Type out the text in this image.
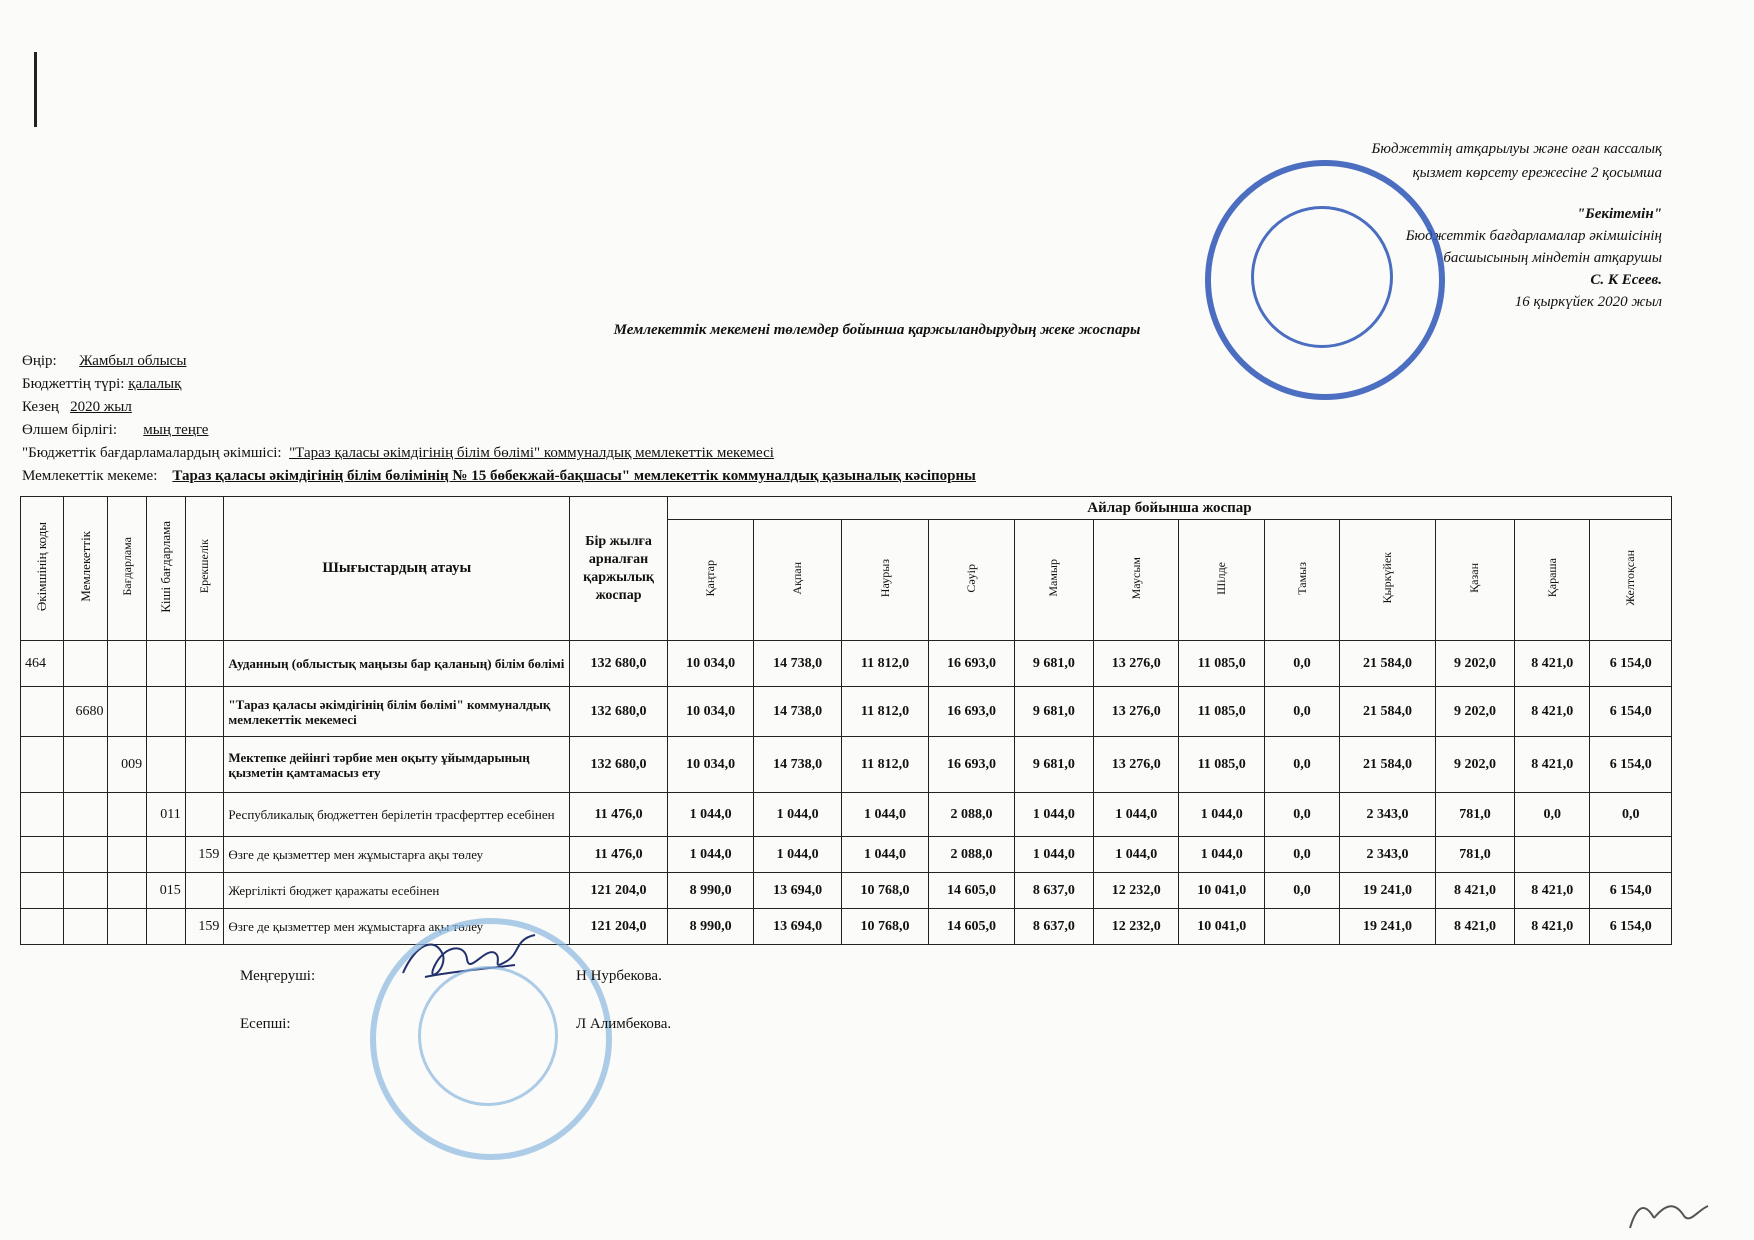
Бюджеттің атқарылуы және оған кассалық
қызмет көрсету ережесіне 2 қосымша
"Бекітемін"
Бюджеттік бағдарламалар әкімшісінің
басшысының міндетін атқарушы
С. К Есеев.
16 қыркүйек 2020 жыл
Мемлекеттік мекемені төлемдер бойынша қаржыландырудың жеке жоспары
Өңір: Жамбыл облысы
Бюджеттің түрі: қалалық
Кезең 2020 жыл
Өлшем бірлігі: мың теңге
"Бюджеттік бағдарламалардың әкімшісі: "Тараз қаласы әкімдігінің білім бөлімі" коммуналдық мемлекеттік мекемесі
Мемлекеттік мекеме: Тараз қаласы әкімдігінің білім бөлімінің № 15 бөбекжай-бақшасы" мемлекеттік коммуналдық қазыналық кәсіпорны
Әкімшінің коды	Мемлекеттік	Бағдарлама	Кіші бағдарлама	Ерекшелік	Шығыстардың атауы	Бір жылға арналған қаржылық жоспар	Айлар бойынша жоспар											
							Қаңтар	Ақпан	Наурыз	Сәуір	Мамыр	Маусым	Шілде	Тамыз	Қыркүйек	Қазан	Қараша	Желтоқсан
464					Ауданның (облыстық маңызы бар қаланың) білім бөлімі	132 680,0	10 034,0	14 738,0	11 812,0	16 693,0	9 681,0	13 276,0	11 085,0	0,0	21 584,0	9 202,0	8 421,0	6 154,0
	6680				"Тараз қаласы әкімдігінің білім бөлімі" коммуналдық мемлекеттік мекемесі	132 680,0	10 034,0	14 738,0	11 812,0	16 693,0	9 681,0	13 276,0	11 085,0	0,0	21 584,0	9 202,0	8 421,0	6 154,0
		009			Мектепке дейінгі тәрбие мен оқыту ұйымдарының қызметін қамтамасыз ету	132 680,0	10 034,0	14 738,0	11 812,0	16 693,0	9 681,0	13 276,0	11 085,0	0,0	21 584,0	9 202,0	8 421,0	6 154,0
			011		Республикалық бюджеттен берілетін трасферттер есебінен	11 476,0	1 044,0	1 044,0	1 044,0	2 088,0	1 044,0	1 044,0	1 044,0	0,0	2 343,0	781,0	0,0	0,0
				159	Өзге де қызметтер мен жұмыстарға ақы төлеу	11 476,0	1 044,0	1 044,0	1 044,0	2 088,0	1 044,0	1 044,0	1 044,0	0,0	2 343,0	781,0		
			015		Жергілікті бюджет қаражаты есебінен	121 204,0	8 990,0	13 694,0	10 768,0	14 605,0	8 637,0	12 232,0	10 041,0	0,0	19 241,0	8 421,0	8 421,0	6 154,0
				159	Өзге де қызметтер мен жұмыстарға ақы төлеу	121 204,0	8 990,0	13 694,0	10 768,0	14 605,0	8 637,0	12 232,0	10 041,0		19 241,0	8 421,0	8 421,0	6 154,0
Меңгеруші:	Н Нурбекова.
Есепші:	Л Алимбекова.
